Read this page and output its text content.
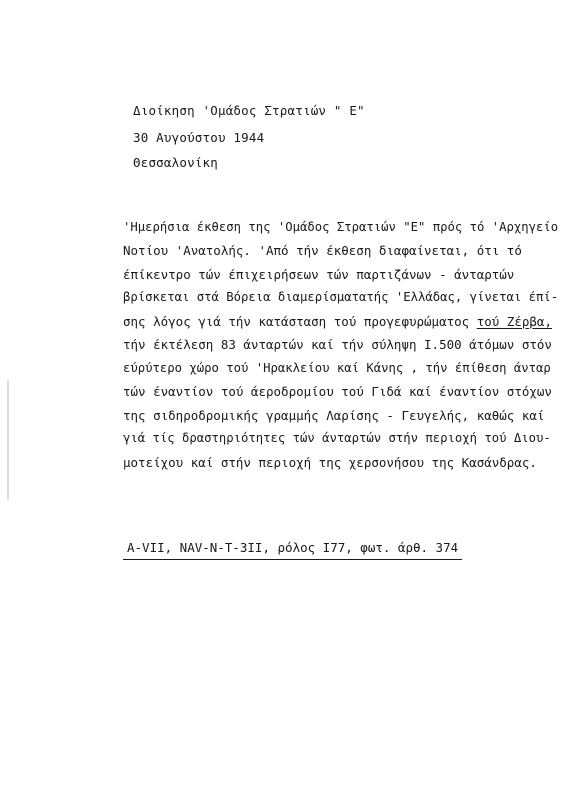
Διοίκηση 'Ομάδος Στρατιών " Ε"
30 Αυγούστου 1944
Θεσσαλονίκη
'Ημερήσια έκθεση της 'Ομάδος Στρατιών "Ε" πρός τό 'Αρχηγείο
Νοτίου 'Ανατολής. 'Από τήν έκθεση διαφαίνεται, ότι τό
έπίκεντρο τών έπιχειρήσεων τών παρτιζάνων - άνταρτών
βρίσκεται στά Βόρεια διαμερίσματατής 'Ελλάδας, γίνεται έπί-
σης λόγος γιά τήν κατάσταση τού προγεφυρώματος τού Ζέρβα,
τήν έκτέλεση 83 άνταρτών καί τήν σύληψη I.500 άτόμων στόν
εύρύτερο χώρο τού 'Ηρακλείου καί Κάνης , τήν έπίθεση άνταρ
τών έναντίον τού άεροδρομίου τού Γιδά καί έναντίον στόχων
της σιδηροδρομικής γραμμής Λαρίσης - Γευγελής, καθώς καί
γιά τίς δραστηριότητες τών άνταρτών στήν περιοχή τού Διου-
μοτείχου καί στήν περιοχή της χερσονήσου της Κασάνδρας.
Α-VII, NAV-N-T-3II, ρόλος I77, φωτ. άρθ. 374
